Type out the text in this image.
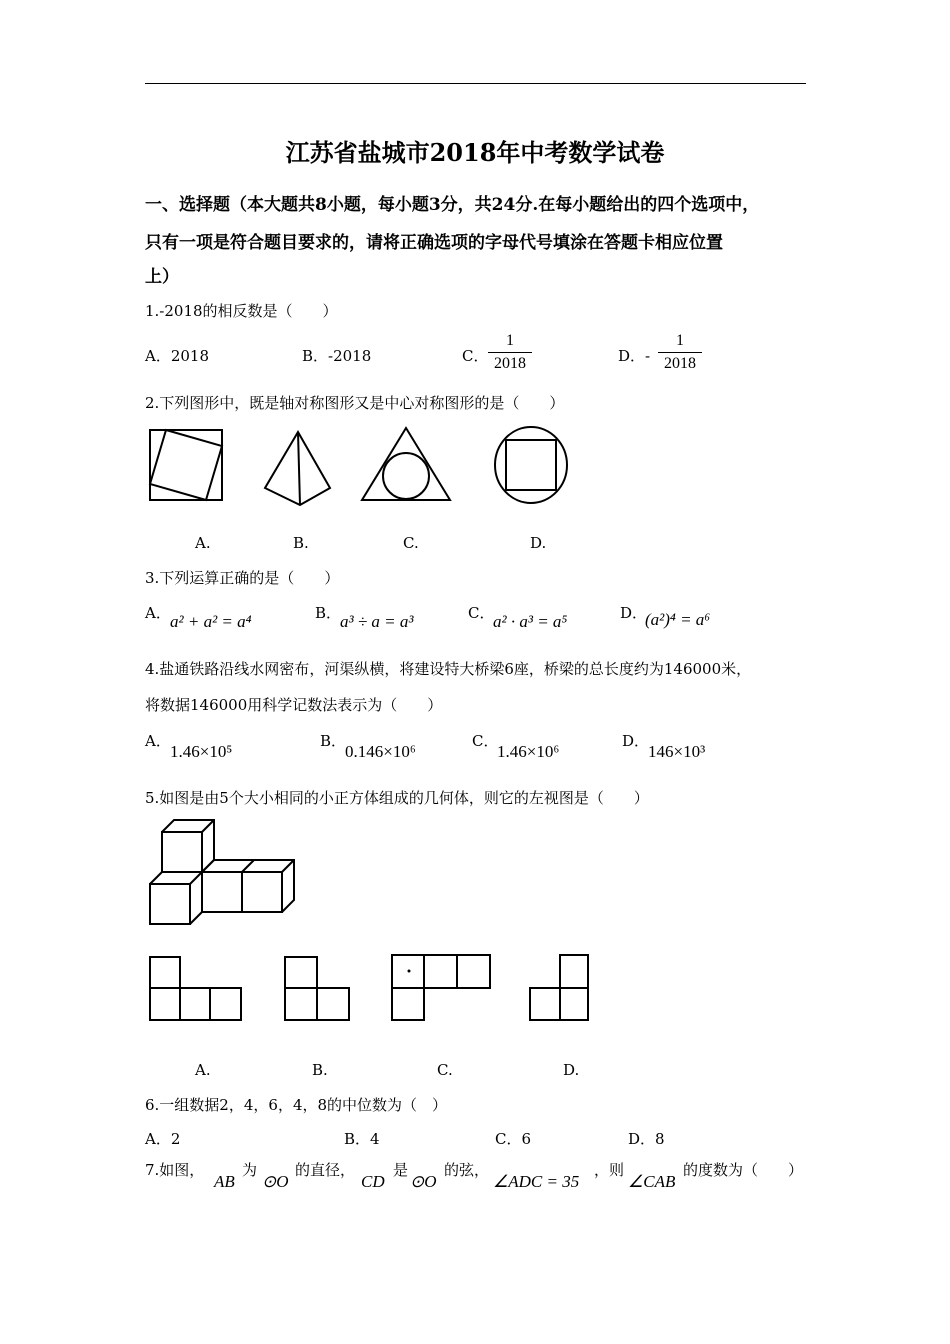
江苏省盐城市2018年中考数学试卷
一、选择题（本大题共8小题，每小题3分，共24分.在每小题给出的四个选项中，
只有一项是符合题目要求的，请将正确选项的字母代号填涂在答题卡相应位置
上）
1.-2018的相反数是（　　）
A．2018	B．-2018	C．
1
2018	D．-
1
2018
2.下列图形中，既是轴对称图形又是中心对称图形的是（　　）
A.	B.	C.	D.
3.下列运算正确的是（　　）
A． a² + a² = a⁴	B．
a³ ÷ a = a³	C．
a² · a³ = a⁵	D．
(a²)⁴ = a⁶
4.盐通铁路沿线水网密布，河渠纵横，将建设特大桥梁6座，桥梁的总长度约为146000米，
将数据146000用科学记数法表示为（　　）
A．
1.46×10⁵
B．
0.146×10⁶
C．
1.46×10⁶
D．
146×10³
5.如图是由5个大小相同的小正方体组成的几何体，则它的左视图是（　　）
A.	B.	C.	D.
6.一组数据2，4，6，4，8的中位数为（　）
A．2	B．4	C．6	D．8
7.如图，
AB
为
⊙O
的直径，
CD
是
⊙O
的弦，
∠ADC = 35
，则
∠CAB
的度数为（　　）
